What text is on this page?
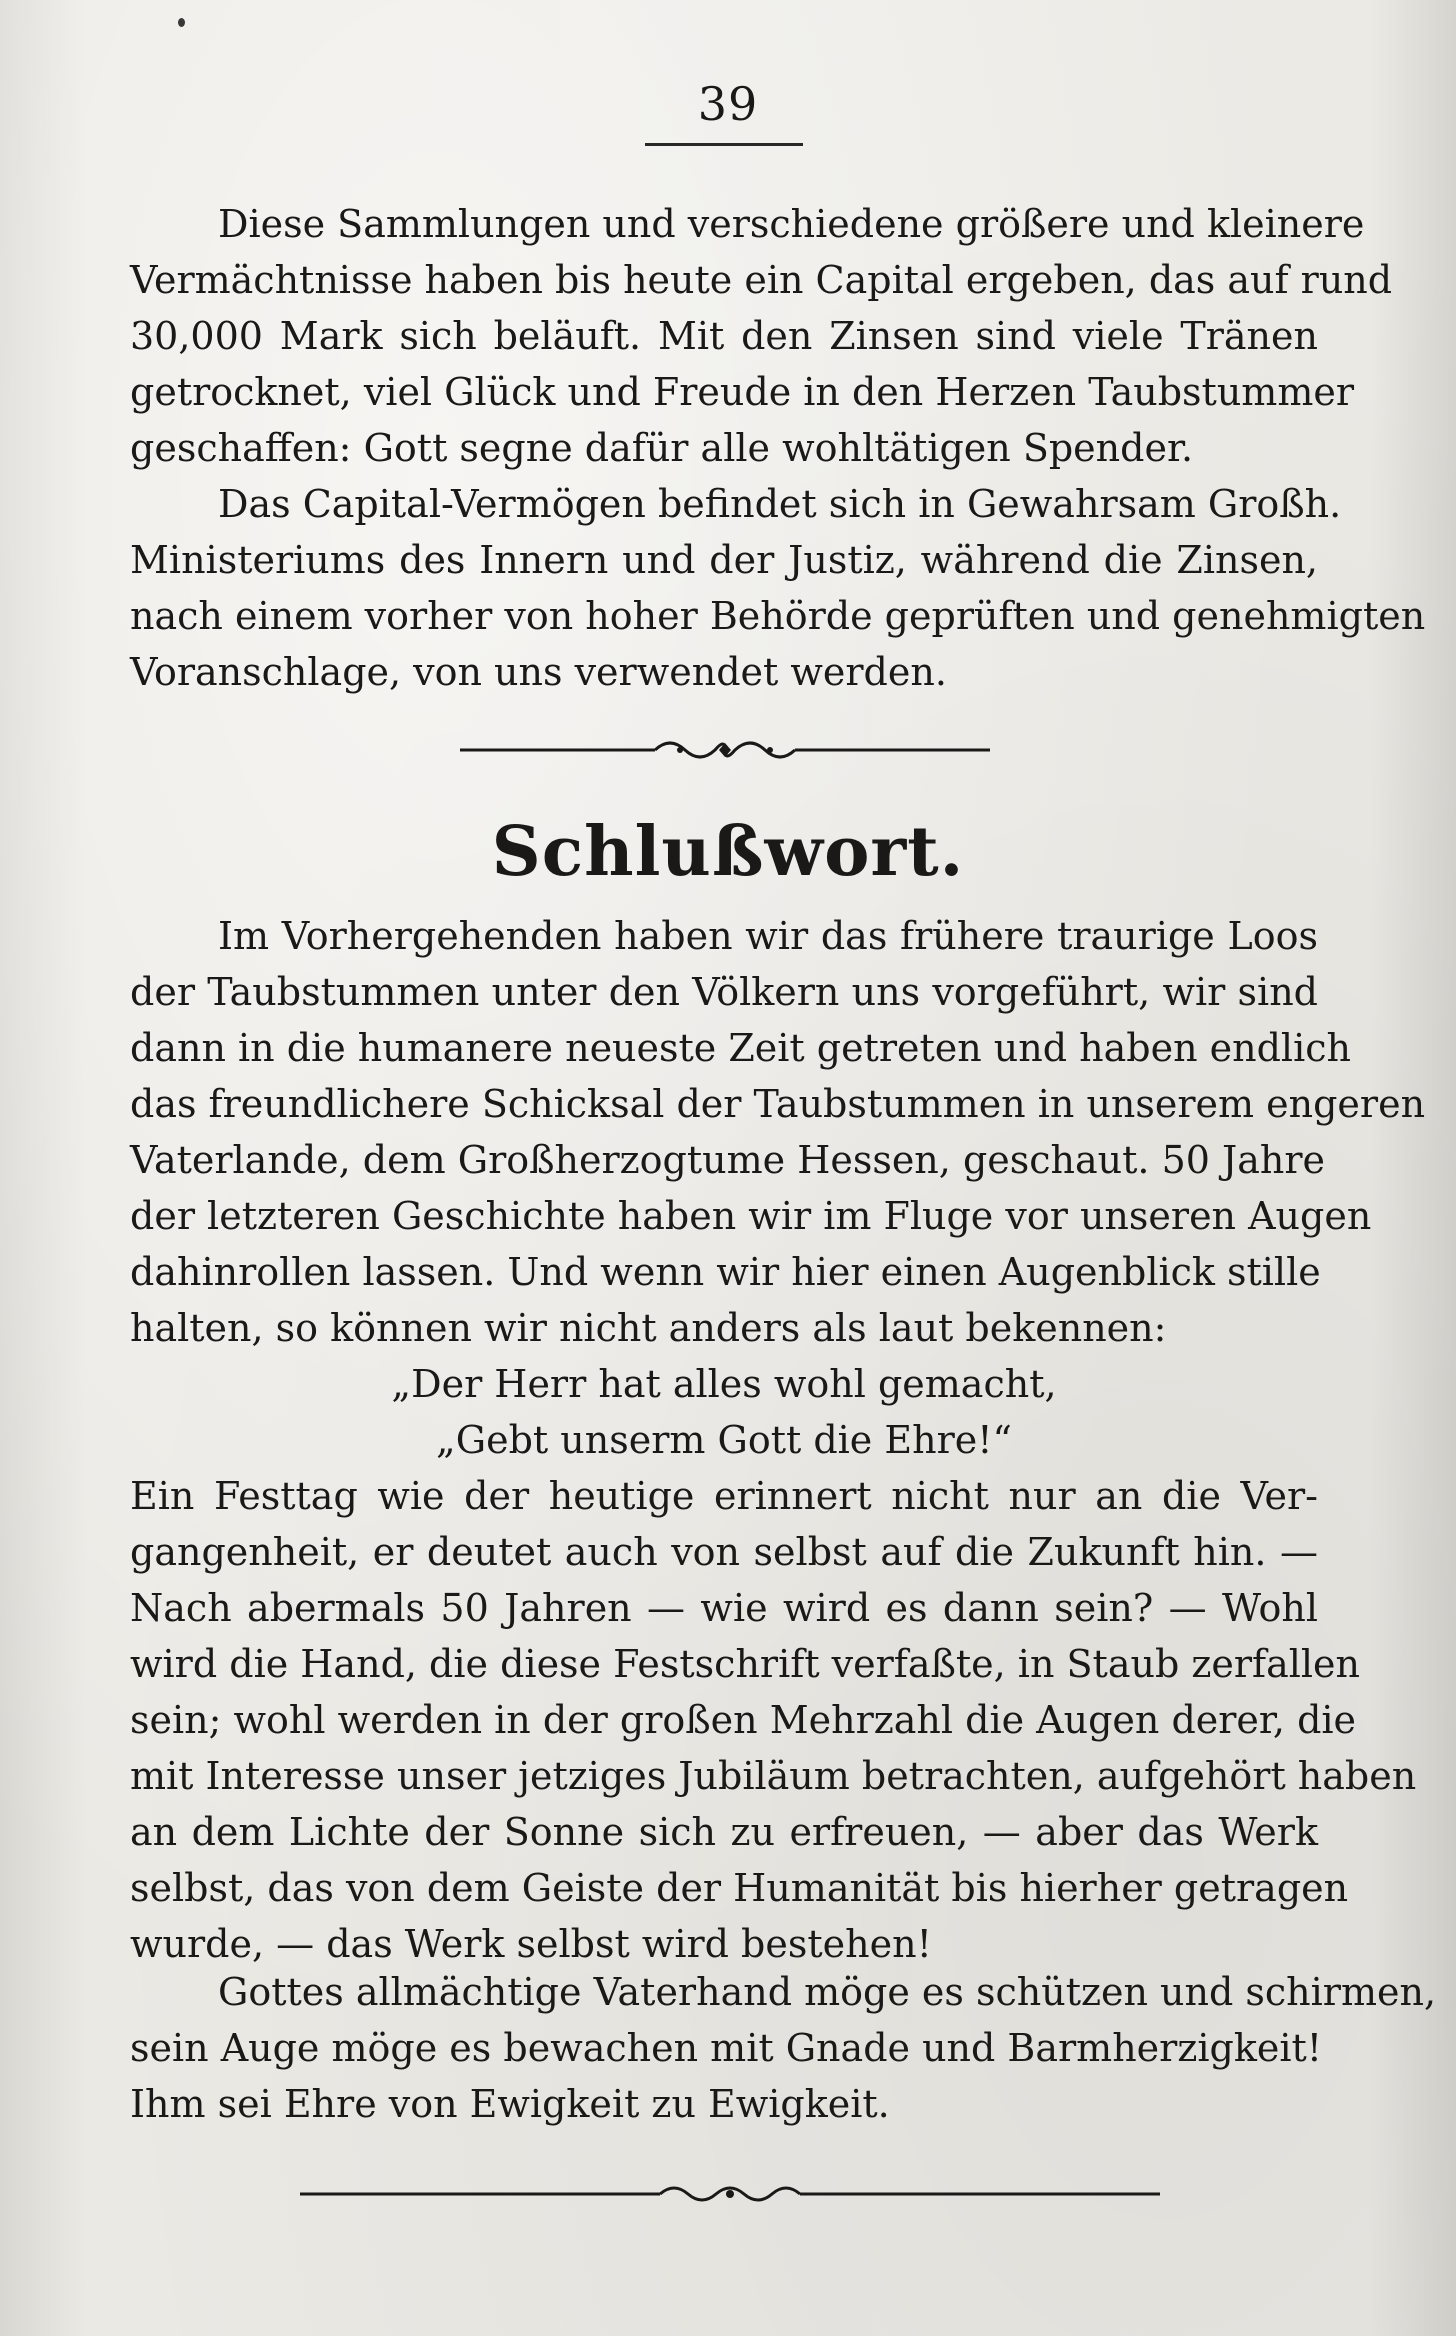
39
Diese Sammlungen und verschiedene größere und kleinere
Vermächtnisse haben bis heute ein Capital ergeben, das auf rund
30,000 Mark sich beläuft. Mit den Zinsen sind viele Tränen
getrocknet, viel Glück und Freude in den Herzen Taubstummer
geschaffen: Gott segne dafür alle wohltätigen Spender.
Das Capital-Vermögen befindet sich in Gewahrsam Großh.
Ministeriums des Innern und der Justiz, während die Zinsen,
nach einem vorher von hoher Behörde geprüften und genehmigten
Voranschlage, von uns verwendet werden.
Schlußwort.
Im Vorhergehenden haben wir das frühere traurige Loos
der Taubstummen unter den Völkern uns vorgeführt, wir sind
dann in die humanere neueste Zeit getreten und haben endlich
das freundlichere Schicksal der Taubstummen in unserem engeren
Vaterlande, dem Großherzogtume Hessen, geschaut. 50 Jahre
der letzteren Geschichte haben wir im Fluge vor unseren Augen
dahinrollen lassen. Und wenn wir hier einen Augenblick stille
halten, so können wir nicht anders als laut bekennen:
„Der Herr hat alles wohl gemacht,
„Gebt unserm Gott die Ehre!“
Ein Festtag wie der heutige erinnert nicht nur an die Ver-
gangenheit, er deutet auch von selbst auf die Zukunft hin. —
Nach abermals 50 Jahren — wie wird es dann sein? — Wohl
wird die Hand, die diese Festschrift verfaßte, in Staub zerfallen
sein; wohl werden in der großen Mehrzahl die Augen derer, die
mit Interesse unser jetziges Jubiläum betrachten, aufgehört haben
an dem Lichte der Sonne sich zu erfreuen, — aber das Werk
selbst, das von dem Geiste der Humanität bis hierher getragen
wurde, — das Werk selbst wird bestehen!
Gottes allmächtige Vaterhand möge es schützen und schirmen,
sein Auge möge es bewachen mit Gnade und Barmherzigkeit!
Ihm sei Ehre von Ewigkeit zu Ewigkeit.
